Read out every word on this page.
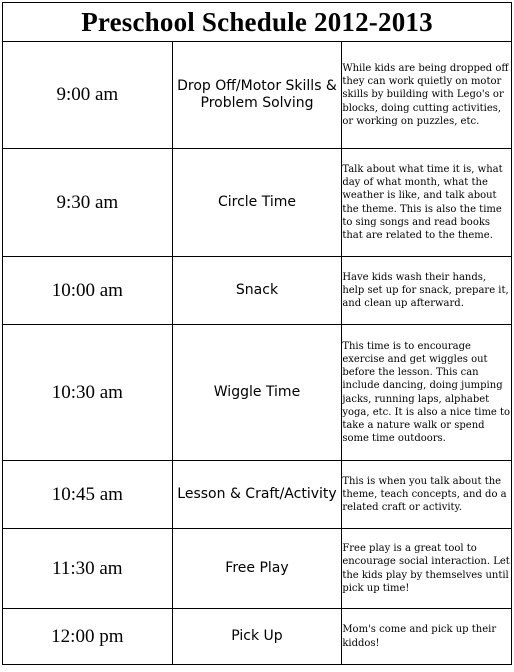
Preschool Schedule 2012-2013		
9:00 am	Drop Off/Motor Skills & Problem Solving	While kids are being dropped off they can work quietly on motor skills by building with Lego's or blocks, doing cutting activities, or working on puzzles, etc.
9:30 am	Circle Time	Talk about what time it is, what day of what month, what the weather is like, and talk about the theme. This is also the time to sing songs and read books that are related to the theme.
10:00 am	Snack	Have kids wash their hands, help set up for snack, prepare it, and clean up afterward.
10:30 am	Wiggle Time	This time is to encourage exercise and get wiggles out before the lesson. This can include dancing, doing jumping jacks, running laps, alphabet yoga, etc. It is also a nice time to take a nature walk or spend some time outdoors.
10:45 am	Lesson & Craft/Activity	This is when you talk about the theme, teach concepts, and do a related craft or activity.
11:30 am	Free Play	Free play is a great tool to encourage social interaction. Let the kids play by themselves until pick up time!
12:00 pm	Pick Up	Mom's come and pick up their kiddos!
